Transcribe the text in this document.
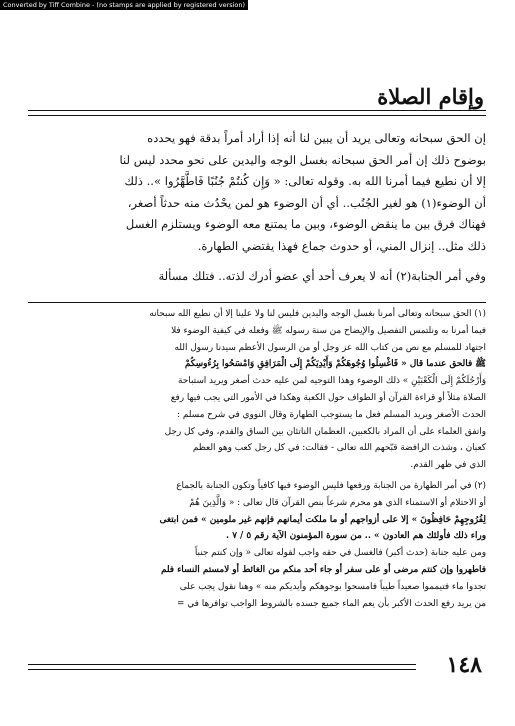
Converted by Tiff Combine - (no stamps are applied by registered version)
وإقام الصلاة

إن الحق سبحانه وتعالى يريد أن يبين لنا أنه إذا أراد أمراً بدقة فهو يحدده

بوضوح ذلك إن أمر الحق سبحانه بغسل الوجه واليدين على نحو محدد ليس لنا

إلا أن نطيع فيما أمرنا الله به. وقوله تعالى: « وَإِن كُنتُمْ جُنُبًا فَاطَّهَّرُوا ».. ذلك

أن الوضوء(١) هو لغير الجُنُب.. أي أن الوضوء هو لمن يحْدُث منه حدثاً أصغر،

فهناك فرق بين ما ينقض الوضوء، وبين ما يمتنع معه الوضوء ويستلزم الغسل

ذلك مثل.. إنزال المني، أو حدوث جماع فهذا يقتضي الطهارة.

وفي أمر الجنابة(٢) أنه لا يعرف أحد أي عضو أدرك لذته.. فتلك مسألة

(١) الحق سبحانه وتعالى أمرنا بغسل الوجه واليدين فليس لنا ولا علينا إلا أن نطيع الله سبحانه

فيما أمرنا به ونلتمس التفصيل والإيضاح من سنة رسوله ﷺ وفعله في كيفية الوضوء فلا

اجتهاد للمسلم مع نص من كتاب الله عز وجل أو من الرسول الأعظم سيدنا رسول الله

ﷺ فالحق عندما قال « فَاغْسِلُوا وُجُوهَكُمْ وَأَيْدِيَكُمْ إِلَى الْمَرَافِقِ وَامْسَحُوا بِرُءُوسِكُمْ

وَأَرْجُلَكُمْ إِلَى الْكَعْبَيْنِ » ذلك الوضوء وهذا التوجيه لمن عليه حدث أصغر ويريد استباحة

الصلاة مثلاً أو قراءة القرآن أو الطواف حول الكعبة وهكذا في الأمور التي يجب فيها رفع

الحدث الأصغر ويريد المسلم فعل ما يستوجب الطهارة وقال النووي في شرح مسلم :

واتفق العلماء على أن المراد بالكعبين، العظمان الناتئان بين الساق والقدم، وفي كل رجل

كعبان ، وشذت الرافضة قبّحهم الله تعالى - فقالت: في كل رجل كعب وهو العظم

الذي في ظهر القدم.

(٢) في أمر الطهارة من الجنابة ورفعها فليس الوضوء فيها كافياً وتكون الجنابة بالجماع

أو الاحتلام أو الاستمناء الذي هو محرم شرعاً بنص القرآن قال تعالى : « وَالَّذِينَ هُمْ

لِفُرُوجِهِمْ حَافِظُونَ » إلا على أزواجهم أو ما ملكت أيمانهم فإنهم غير ملومين » فمن ابتغى

وراء ذلك فأولئك هم العادون » .. من سورة المؤمنون الآية رقم ٥ / ٧ .

ومن عليه جنابة (حدث أكبر) فالغسل في حقه واجب لقوله تعالى « وإن كنتم جنباً

فاطهروا وإن كنتم مرضى أو على سفر أو جاء أحد منكم من الغائط أو لامستم النساء فلم

تجدوا ماء فتيمموا صعيداً طيباً فامسحوا بوجوهكم وأيديكم منه » وهنا نقول يجب على

من يريد رفع الحدث الأكبر بأن يعم الماء جميع جسده بالشروط الواجب توافرها في =

١٤٨
